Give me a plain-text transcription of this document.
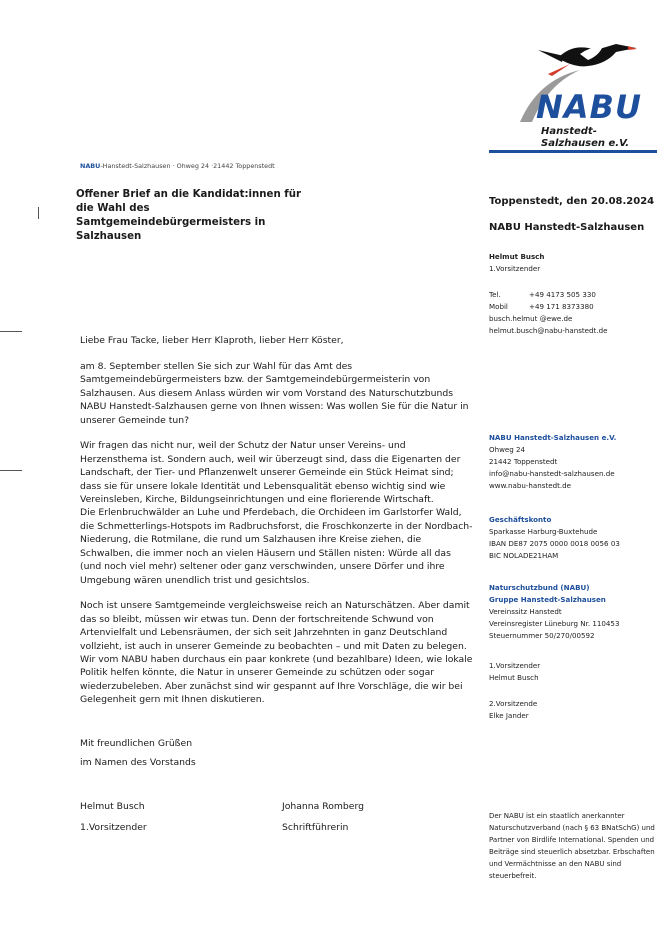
NABU
Hanstedt-
Salzhausen e.V.
NABU-Hanstedt-Salzhausen · Ohweg 24 ·21442 Toppenstedt
Offener Brief an die Kandidat:innen für die Wahl des Samtgemeindebürgermeisters in Salzhausen
Toppenstedt, den 20.08.2024
NABU Hanstedt-Salzhausen
Helmut Busch
1.Vorsitzender
Tel.	+49 4173 505 330
Mobil	+49 171 8373380
busch.helmut @ewe.de
helmut.busch@nabu-hanstedt.de
NABU Hanstedt-Salzhausen e.V.
Ohweg 24
21442 Toppenstedt
info@nabu-hanstedt-salzhausen.de
www.nabu-hanstedt.de
Geschäftskonto
Sparkasse Harburg-Buxtehude
IBAN DE87 2075 0000 0018 0056 03
BIC NOLADE21HAM
Naturschutzbund (NABU)
Gruppe Hanstedt-Salzhausen
Vereinssitz Hanstedt
Vereinsregister Lüneburg Nr. 110453
Steuernummer 50/270/00592
1.Vorsitzender
Helmut Busch
2.Vorsitzende
Elke Jander

Liebe Frau Tacke, lieber Herr Klaproth, lieber Herr Köster,

am 8. September stellen Sie sich zur Wahl für das Amt des Samtgemeindebürgermeisters bzw. der Samtgemeindebürgermeisterin von Salzhausen. Aus diesem Anlass würden wir vom Vorstand des Naturschutzbunds NABU Hanstedt-Salzhausen gerne von Ihnen wissen: Was wollen Sie für die Natur in unserer Gemeinde tun?

Wir fragen das nicht nur, weil der Schutz der Natur unser Vereins- und Herzensthema ist. Sondern auch, weil wir überzeugt sind, dass die Eigenarten der Landschaft, der Tier- und Pflanzenwelt unserer Gemeinde ein Stück Heimat sind; dass sie für unsere lokale Identität und Lebensqualität ebenso wichtig sind wie Vereinsleben, Kirche, Bildungseinrichtungen und eine florierende Wirtschaft.

Die Erlenbruchwälder an Luhe und Pferdebach, die Orchideen im Garlstorfer Wald, die Schmetterlings-Hotspots im Radbruchsforst, die Froschkonzerte in der Nordbach-Niederung, die Rotmilane, die rund um Salzhausen ihre Kreise ziehen, die Schwalben, die immer noch an vielen Häusern und Ställen nisten: Würde all das (und noch viel mehr) seltener oder ganz verschwinden, unsere Dörfer und ihre Umgebung wären unendlich trist und gesichtslos.

Noch ist unsere Samtgemeinde vergleichsweise reich an Naturschätzen. Aber damit das so bleibt, müssen wir etwas tun. Denn der fortschreitende Schwund von Artenvielfalt und Lebensräumen, der sich seit Jahrzehnten in ganz Deutschland vollzieht, ist auch in unserer Gemeinde zu beobachten – und mit Daten zu belegen. Wir vom NABU haben durchaus ein paar konkrete (und bezahlbare) Ideen, wie lokale Politik helfen könnte, die Natur in unserer Gemeinde zu schützen oder sogar wiederzubeleben. Aber zunächst sind wir gespannt auf Ihre Vorschläge, die wir bei Gelegenheit gern mit Ihnen diskutieren.

Mit freundlichen Grüßen
im Namen des Vorstands
Helmut Busch
1.Vorsitzender
Johanna Romberg
Schriftführerin
Der NABU ist ein staatlich anerkannter Naturschutzverband (nach § 63 BNatSchG) und Partner von Birdlife International. Spenden und Beiträge sind steuerlich absetzbar. Erbschaften und Vermächtnisse an den NABU sind steuerbefreit.
